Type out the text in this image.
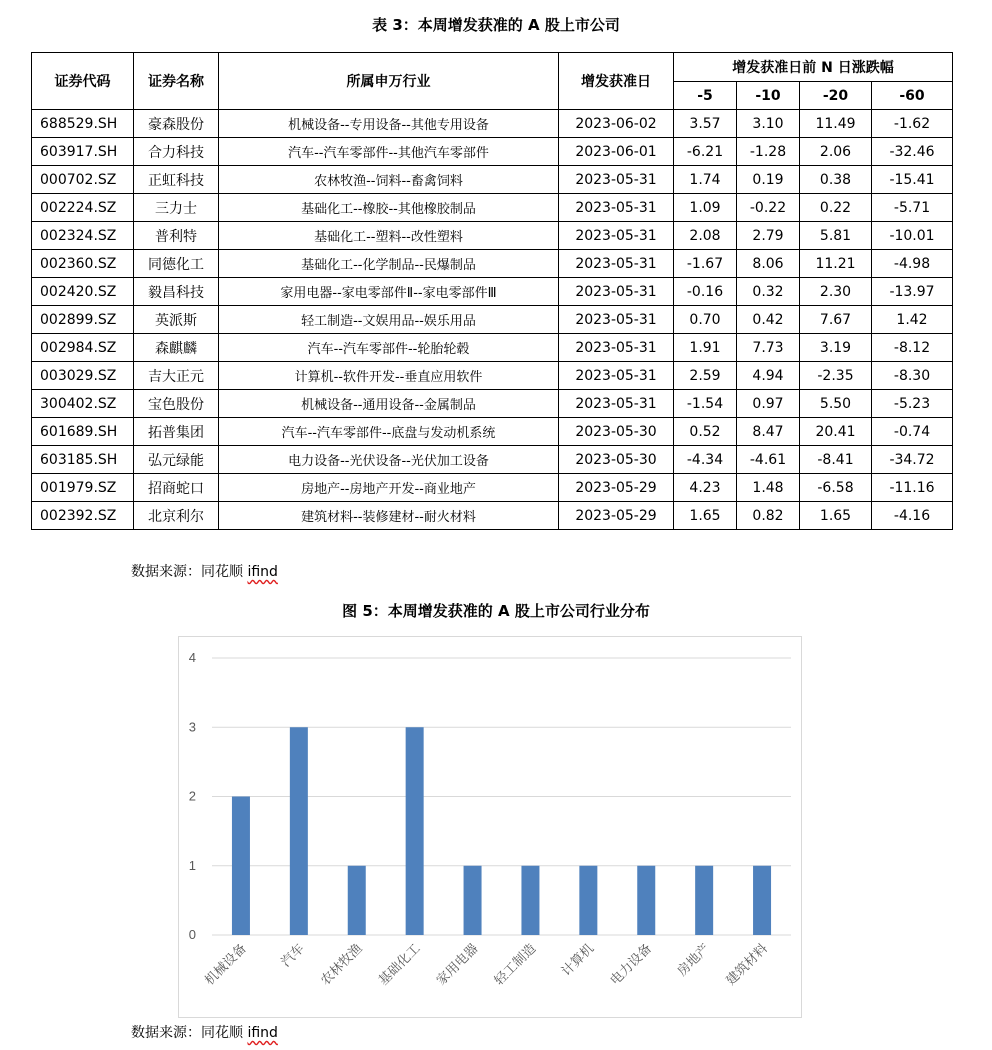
表 3：本周增发获准的 A 股上市公司
证券代码	证券名称	所属申万行业	增发获准日	增发获准日前 N 日涨跌幅			
				-5	-10	-20	-60
688529.SH	豪森股份	机械设备--专用设备--其他专用设备	2023-06-02	3.57	3.10	11.49	-1.62
603917.SH	合力科技	汽车--汽车零部件--其他汽车零部件	2023-06-01	-6.21	-1.28	2.06	-32.46
000702.SZ	正虹科技	农林牧渔--饲料--畜禽饲料	2023-05-31	1.74	0.19	0.38	-15.41
002224.SZ	三力士	基础化工--橡胶--其他橡胶制品	2023-05-31	1.09	-0.22	0.22	-5.71
002324.SZ	普利特	基础化工--塑料--改性塑料	2023-05-31	2.08	2.79	5.81	-10.01
002360.SZ	同德化工	基础化工--化学制品--民爆制品	2023-05-31	-1.67	8.06	11.21	-4.98
002420.SZ	毅昌科技	家用电器--家电零部件Ⅱ--家电零部件Ⅲ	2023-05-31	-0.16	0.32	2.30	-13.97
002899.SZ	英派斯	轻工制造--文娱用品--娱乐用品	2023-05-31	0.70	0.42	7.67	1.42
002984.SZ	森麒麟	汽车--汽车零部件--轮胎轮毂	2023-05-31	1.91	7.73	3.19	-8.12
003029.SZ	吉大正元	计算机--软件开发--垂直应用软件	2023-05-31	2.59	4.94	-2.35	-8.30
300402.SZ	宝色股份	机械设备--通用设备--金属制品	2023-05-31	-1.54	0.97	5.50	-5.23
601689.SH	拓普集团	汽车--汽车零部件--底盘与发动机系统	2023-05-30	0.52	8.47	20.41	-0.74
603185.SH	弘元绿能	电力设备--光伏设备--光伏加工设备	2023-05-30	-4.34	-4.61	-8.41	-34.72
001979.SZ	招商蛇口	房地产--房地产开发--商业地产	2023-05-29	4.23	1.48	-6.58	-11.16
002392.SZ	北京利尔	建筑材料--装修建材--耐火材料	2023-05-29	1.65	0.82	1.65	-4.16
数据来源：同花顺 ifind
图 5：本周增发获准的 A 股上市公司行业分布
0
1
2
3
4
机械设备 汽车 农林牧渔 基础化工 家用电器 轻工制造 计算机 电力设备 房地产 建筑材料
数据来源：同花顺 ifind
